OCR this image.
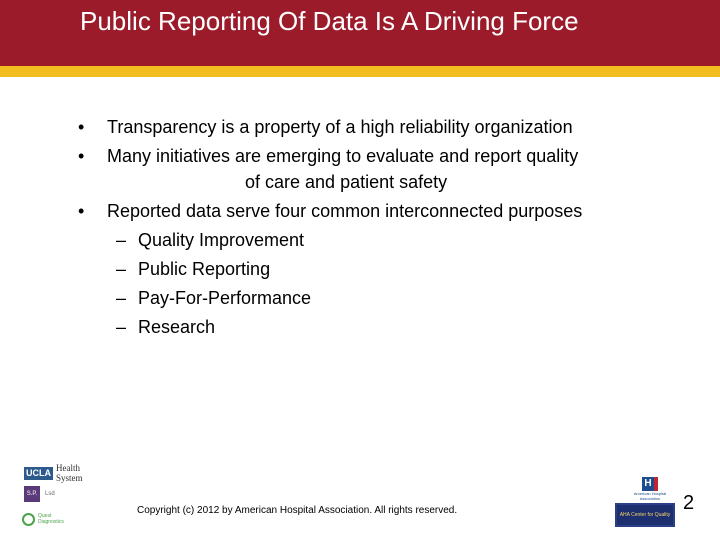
Public Reporting Of Data Is A Driving Force
• Transparency is a property of a high reliability organization
• Many initiatives are emerging to evaluate and report quality
of care and patient safety
• Reported data serve four common interconnected purposes
– Quality Improvement
– Public Reporting
– Pay-For-Performance
– Research
UCLA Health System
S.P.	Lsd
Quest Diagnostics
Copyright (c) 2012 by American Hospital Association. All rights reserved.
H
American Hospital Association
AHA Center for Quality
2
